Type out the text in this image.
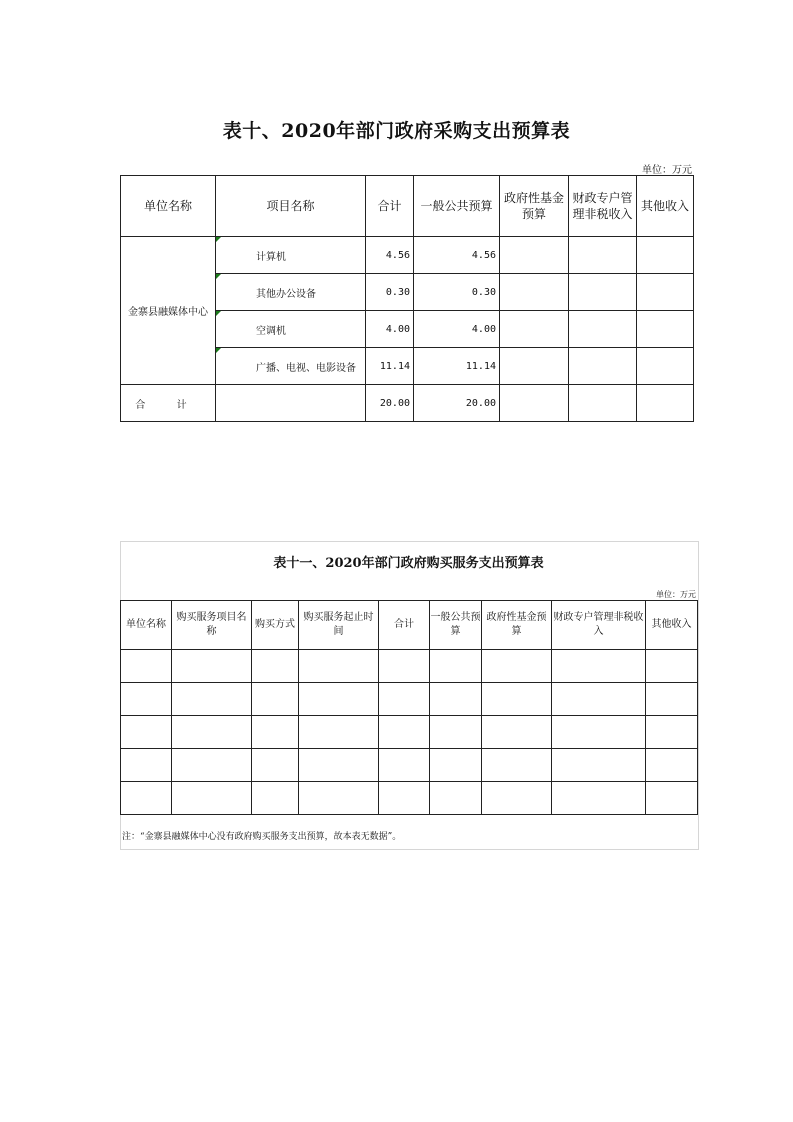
表十、2020年部门政府采购支出预算表
单位：万元
单位名称	项目名称	合计	一般公共预算	政府性基金预算	财政专户管理非税收入	其他收入
金寨县融媒体中心	计算机	4.56	4.56			
	其他办公设备	0.30	0.30			
	空调机	4.00	4.00			
	广播、电视、电影设备	11.14	11.14			
合 计		20.00	20.00			
表十一、2020年部门政府购买服务支出预算表
单位：万元
单位名称	购买服务项目名称	购买方式	购买服务起止时间	合计	一般公共预算	政府性基金预算	财政专户管理非税收入	其他收入

注：“金寨县融媒体中心没有政府购买服务支出预算，故本表无数据”。
